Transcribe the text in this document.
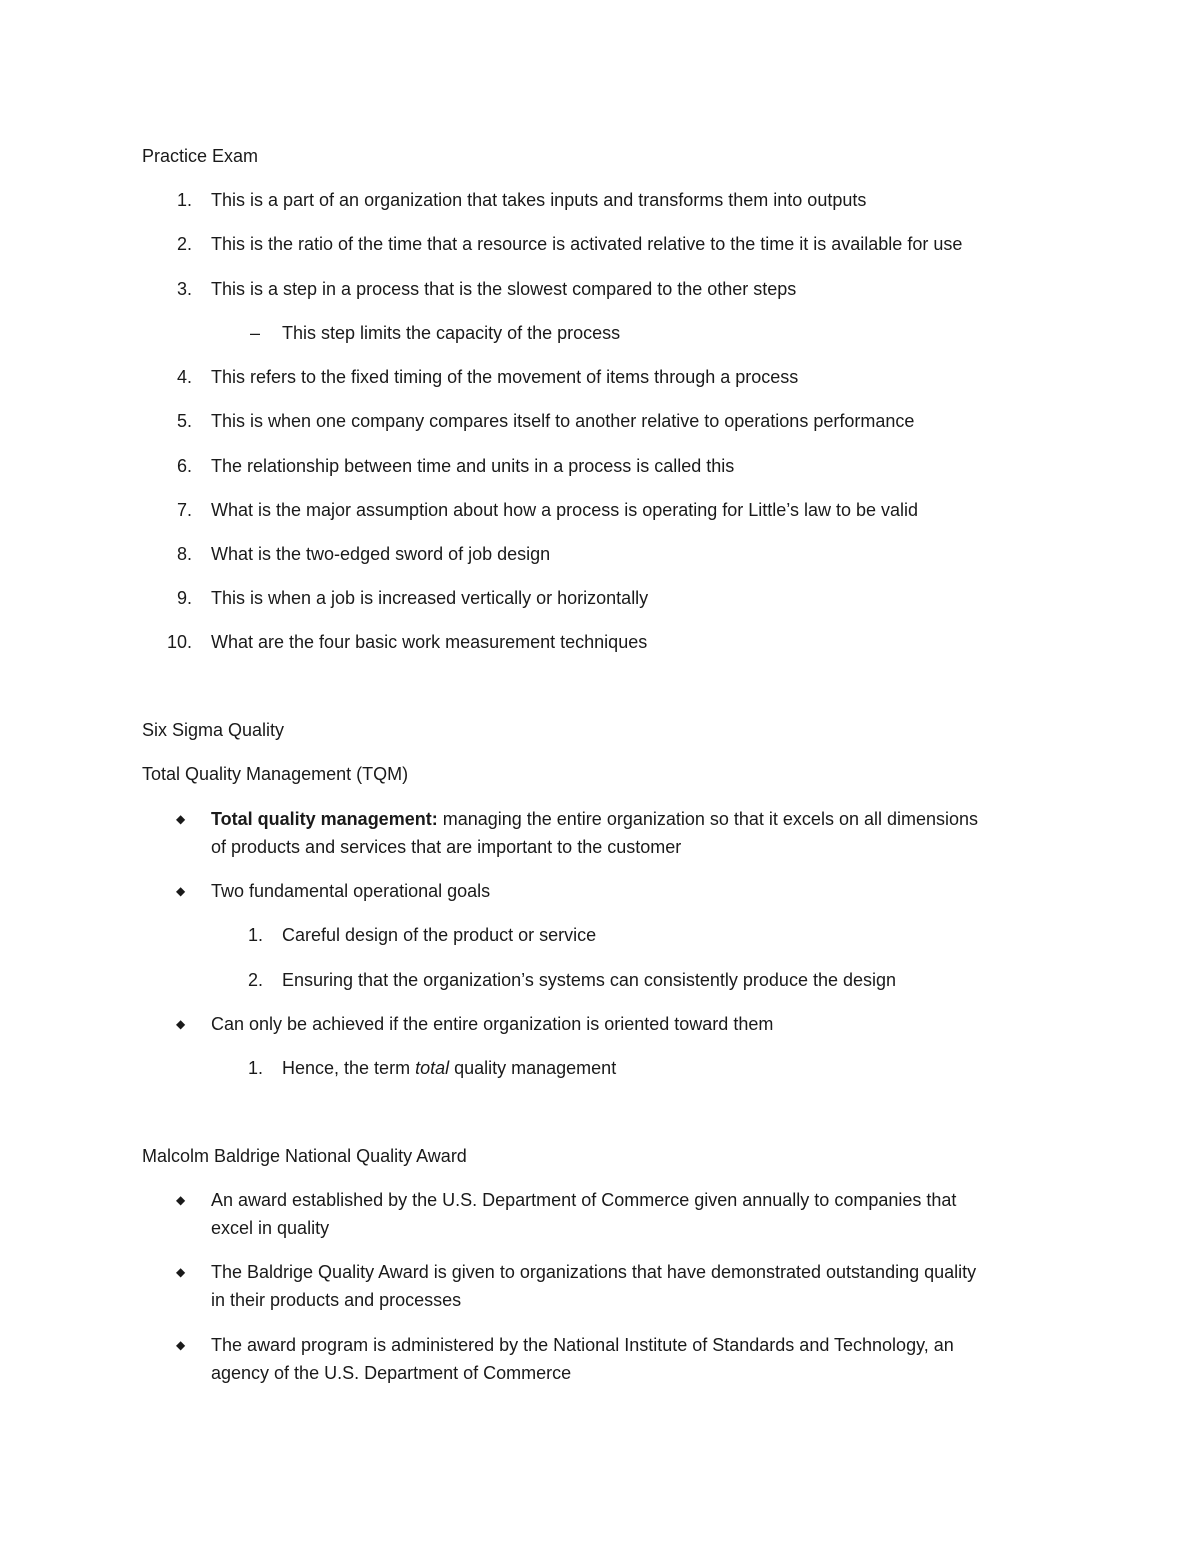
Practice Exam
1. This is a part of an organization that takes inputs and transforms them into outputs
2. This is the ratio of the time that a resource is activated relative to the time it is available for use
3. This is a step in a process that is the slowest compared to the other steps
– This step limits the capacity of the process
4. This refers to the fixed timing of the movement of items through a process
5. This is when one company compares itself to another relative to operations performance
6. The relationship between time and units in a process is called this
7. What is the major assumption about how a process is operating for Little’s law to be valid
8. What is the two-edged sword of job design
9. This is when a job is increased vertically or horizontally
10. What are the four basic work measurement techniques
Six Sigma Quality
Total Quality Management (TQM)
◆ Total quality management: managing the entire organization so that it excels on all dimensions
of products and services that are important to the customer
◆ Two fundamental operational goals
1. Careful design of the product or service
2. Ensuring that the organization’s systems can consistently produce the design
◆ Can only be achieved if the entire organization is oriented toward them
1. Hence, the term total quality management
Malcolm Baldrige National Quality Award
◆ An award established by the U.S. Department of Commerce given annually to companies that
excel in quality
◆ The Baldrige Quality Award is given to organizations that have demonstrated outstanding quality
in their products and processes
◆ The award program is administered by the National Institute of Standards and Technology, an
agency of the U.S. Department of Commerce
